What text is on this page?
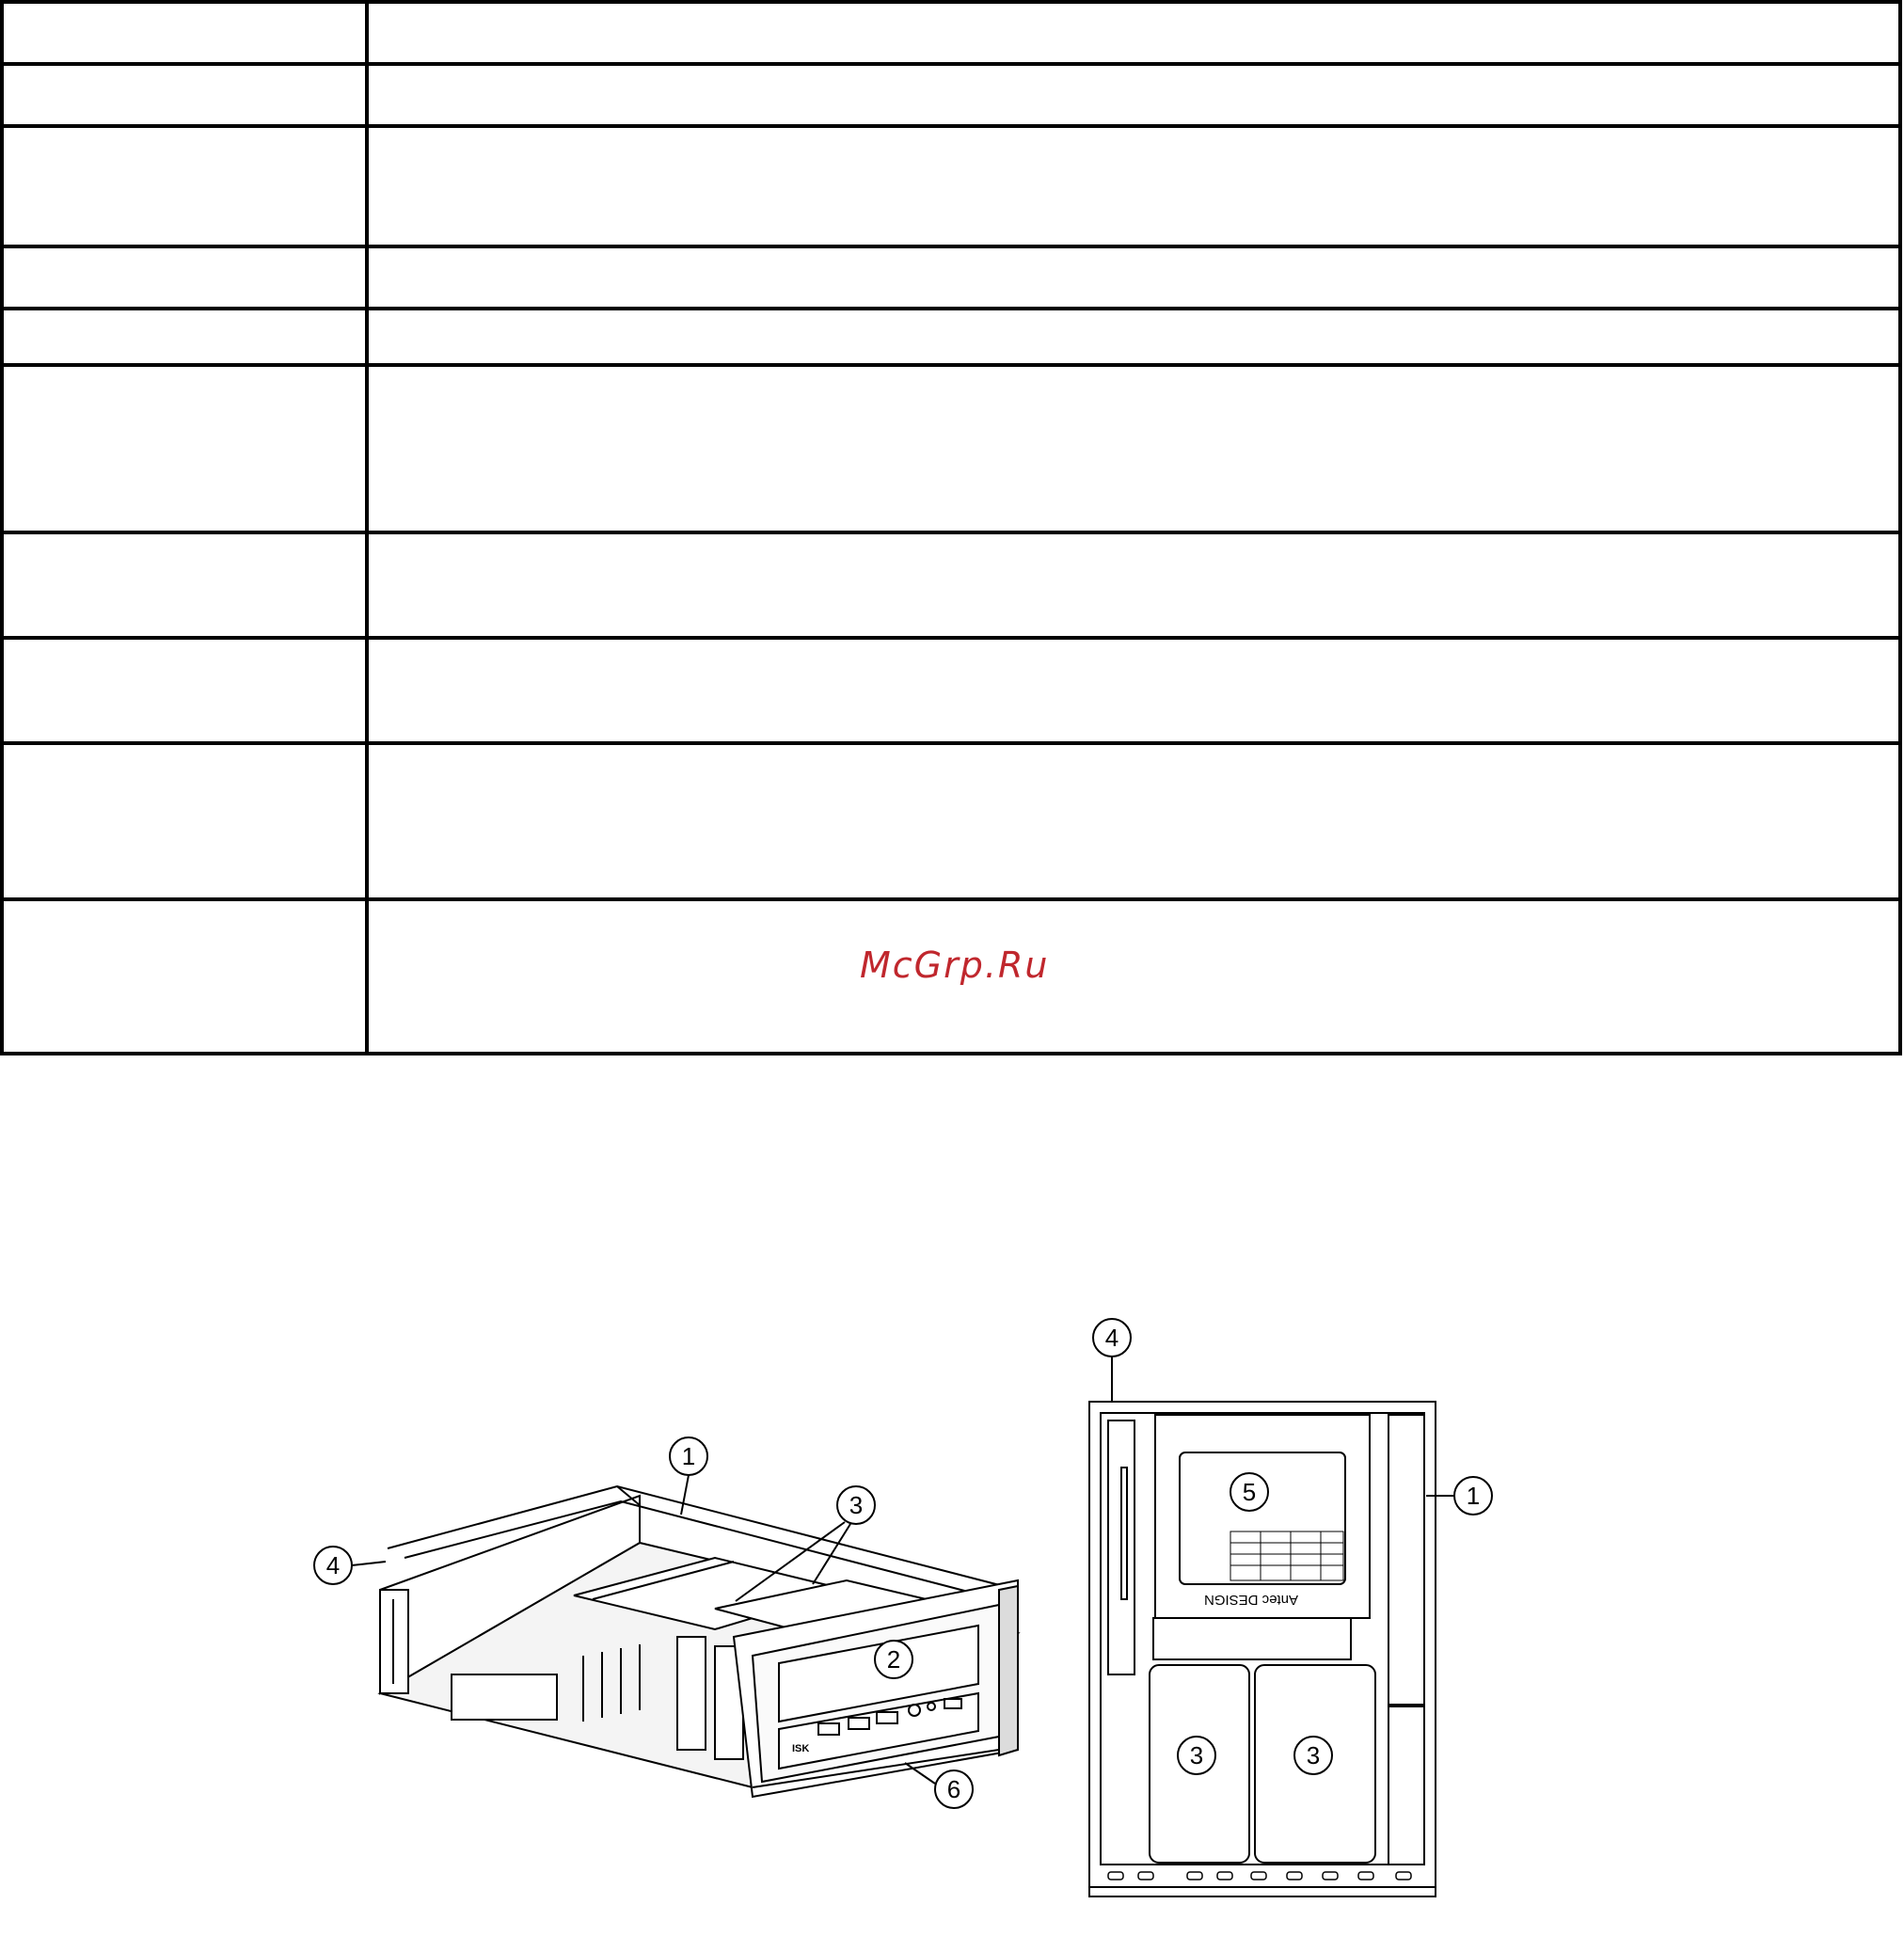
McGrp.Ru
1
2
3
4
6
ISK
Antec DESIGN
4
5	1
3	3
